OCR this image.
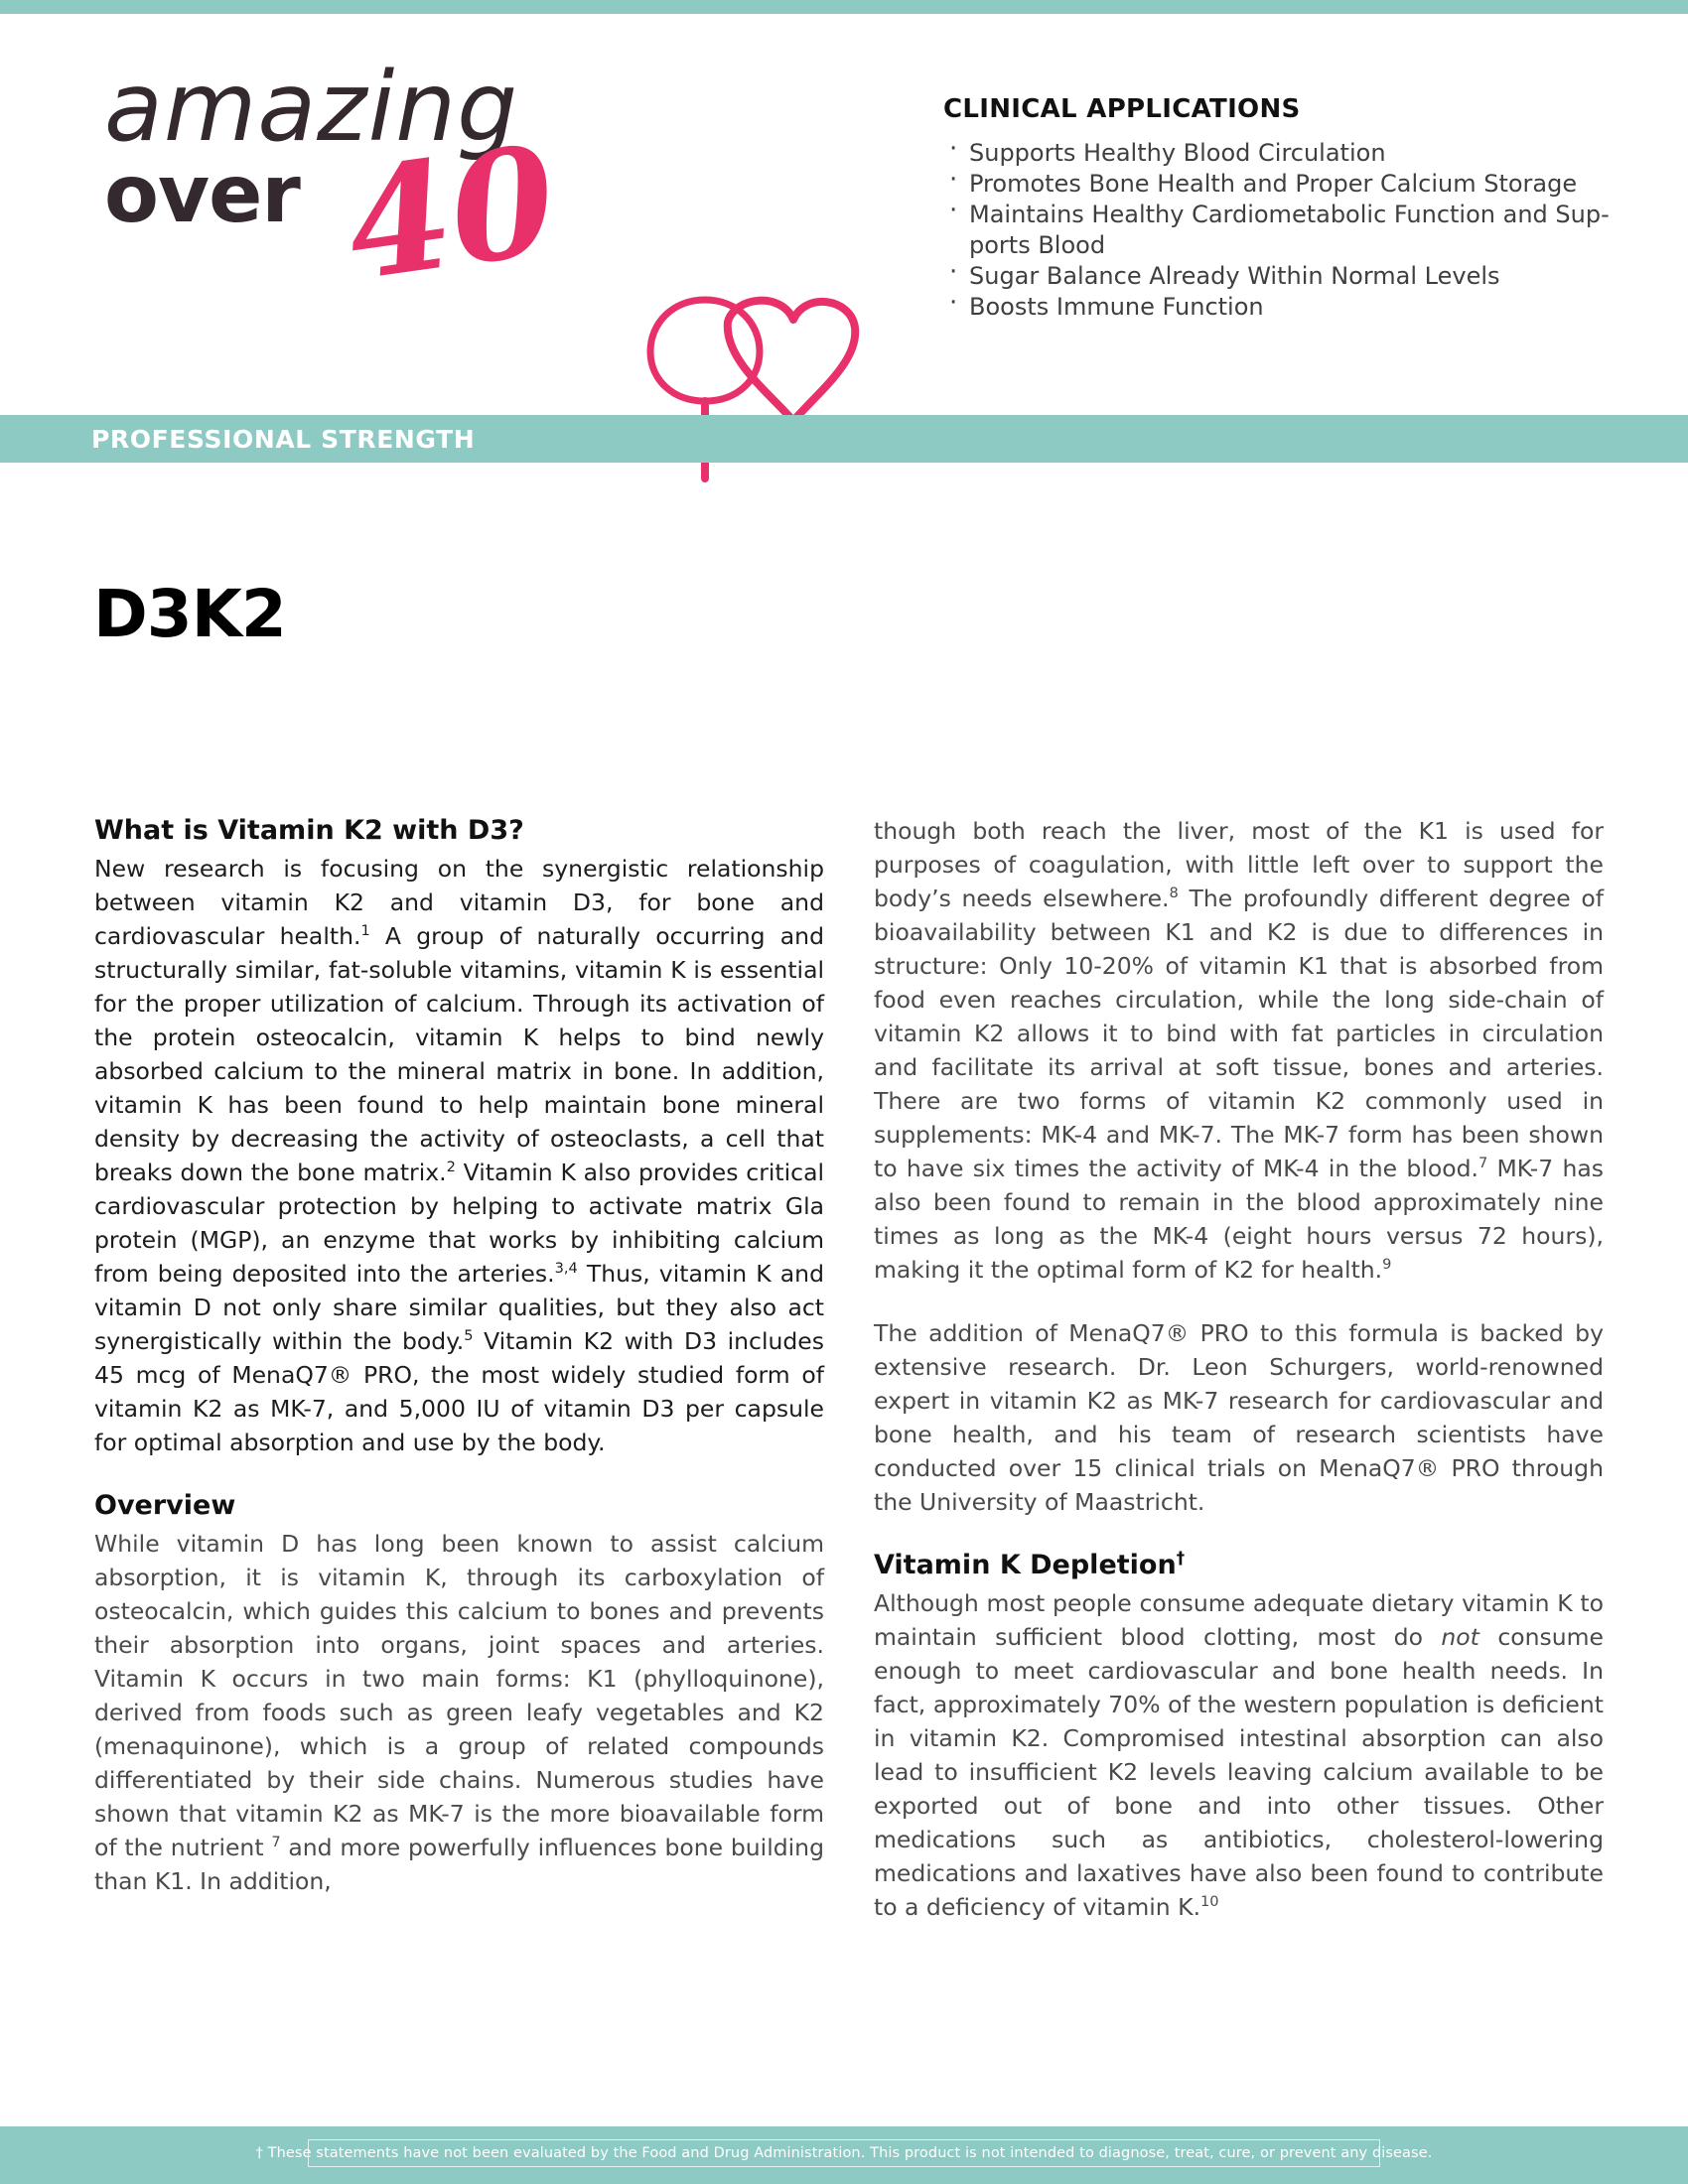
amazing
over 40
CLINICAL APPLICATIONS
· Supports Healthy Blood Circulation
· Promotes Bone Health and Proper Calcium Storage
· Maintains Healthy Cardiometabolic Function and Sup-
ports Blood
· Sugar Balance Already Within Normal Levels
· Boosts Immune Function
PROFESSIONAL STRENGTH
D3K2
What is Vitamin K2 with D3?

New research is focusing on the synergistic relationship between vitamin K2 and vitamin D3, for bone and cardiovascular health.$^1$ A group of naturally occurring and structurally similar, fat-soluble vitamins, vitamin K is essential for the proper utilization of calcium. Through its activation of the protein osteocalcin, vitamin K helps to bind newly absorbed calcium to the mineral matrix in bone. In addition, vitamin K has been found to help maintain bone mineral density by decreasing the activity of osteoclasts, a cell that breaks down the bone matrix.$^2$ Vitamin K also provides critical cardiovascular protection by helping to activate matrix Gla protein (MGP), an enzyme that works by inhibiting calcium from being deposited into the arteries.$^{3,4}$ Thus, vitamin K and vitamin D not only share similar qualities, but they also act synergistically within the body.$^5$ Vitamin K2 with D3 includes 45 mcg of MenaQ7® PRO, the most widely studied form of vitamin K2 as MK-7, and 5,000 IU of vitamin D3 per capsule for optimal absorption and use by the body.

Overview

While vitamin D has long been known to assist calcium absorption, it is vitamin K, through its carboxylation of osteocalcin, which guides this calcium to bones and prevents their absorption into organs, joint spaces and arteries. Vitamin K occurs in two main forms: K1 (phylloquinone), derived from foods such as green leafy vegetables and K2 (menaquinone), which is a group of related compounds differentiated by their side chains. Numerous studies have shown that vitamin K2 as MK-7 is the more bioavailable form of the nutrient $^7$ and more powerfully influences bone building than K1. In addition,

though both reach the liver, most of the K1 is used for purposes of coagulation, with little left over to support the body’s needs elsewhere.$^8$ The profoundly different degree of bioavailability between K1 and K2 is due to differences in structure: Only 10-20% of vitamin K1 that is absorbed from food even reaches circulation, while the long side-chain of vitamin K2 allows it to bind with fat particles in circulation and facilitate its arrival at soft tissue, bones and arteries. There are two forms of vitamin K2 commonly used in supplements: MK-4 and MK-7. The MK-7 form has been shown to have six times the activity of MK-4 in the blood.$^7$ MK-7 has also been found to remain in the blood approximately nine times as long as the MK-4 (eight hours versus 72 hours), making it the optimal form of K2 for health.$^9$

The addition of MenaQ7® PRO to this formula is backed by extensive research. Dr. Leon Schurgers, world-renowned expert in vitamin K2 as MK-7 research for cardiovascular and bone health, and his team of research scientists have conducted over 15 clinical trials on MenaQ7® PRO through the University of Maastricht.

Vitamin K Depletion†

Although most people consume adequate dietary vitamin K to maintain sufficient blood clotting, most do not consume enough to meet cardiovascular and bone health needs. In fact, approximately 70% of the western population is deficient in vitamin K2. Compromised intestinal absorption can also lead to insufficient K2 levels leaving calcium available to be exported out of bone and into other tissues. Other medications such as antibiotics, cholesterol-lowering medications and laxatives have also been found to contribute to a deficiency of vitamin K.$^{10}$

† These statements have not been evaluated by the Food and Drug Administration. This product is not intended to diagnose, treat, cure, or prevent any disease.
